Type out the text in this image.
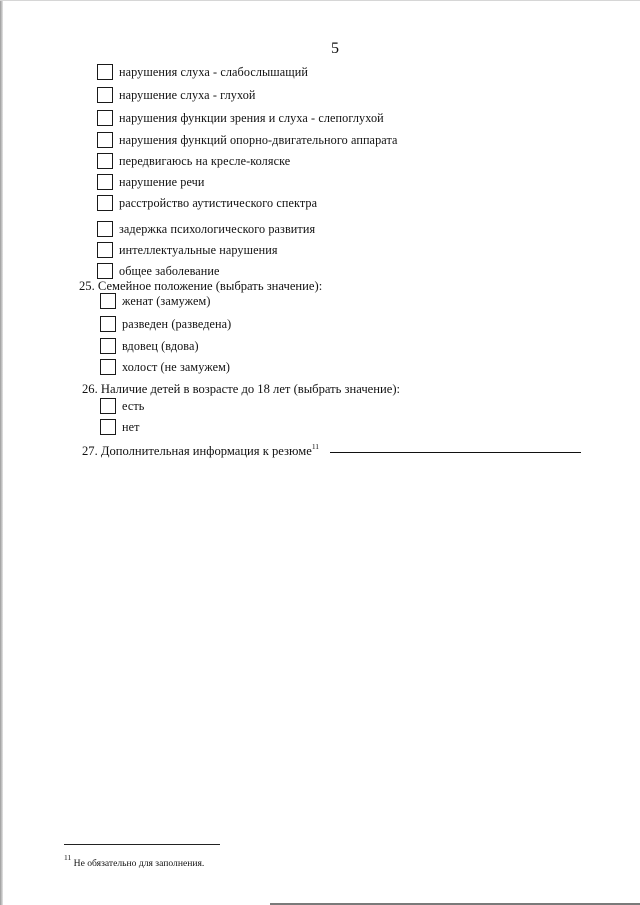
5
нарушения слуха - слабослышащий
нарушение слуха - глухой
нарушения функции зрения и слуха - слепоглухой
нарушения функций опорно-двигательного аппарата
передвигаюсь на кресле-коляске
нарушение речи
расстройство аутистического спектра
задержка психологического развития
интеллектуальные нарушения
общее заболевание
25. Семейное положение (выбрать значение):
женат (замужем)
разведен (разведена)
вдовец (вдова)
холост (не замужем)
26. Наличие детей в возрасте до 18 лет (выбрать значение):
есть
нет
27. Дополнительная информация к резюме$^{11}$
$^{11}$ Не обязательно для заполнения.
